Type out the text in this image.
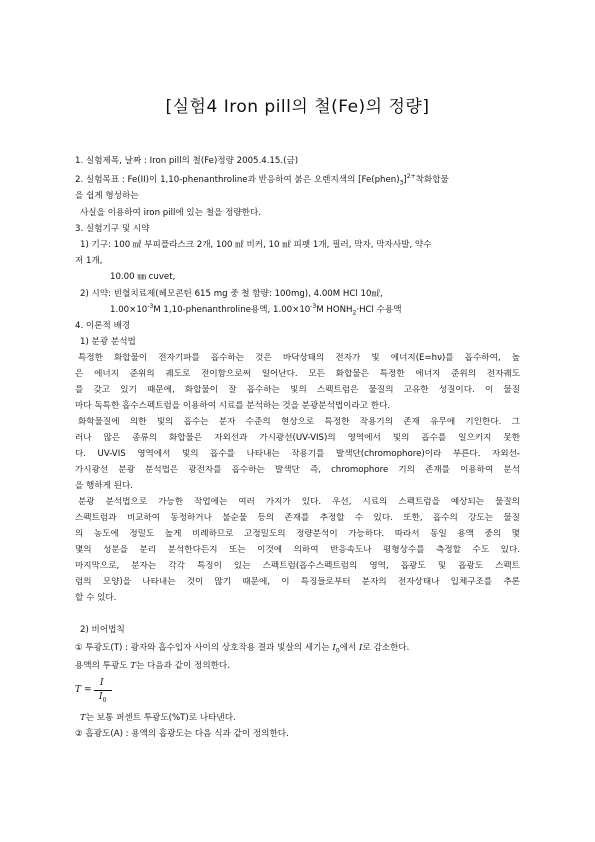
[실험4 Iron pill의 철(Fe)의 정량]
1. 실험제목, 날짜 : Iron pill의 철(Fe)정량 2005.4.15.(금)
2. 실험목표 : Fe(II)이 1,10-phenanthroline과 반응하여 붉은 오렌지색의 $[Fe(phen)_3]^{2+}$착화합물
을 쉽게 형성하는
사실을 이용하여 iron pill에 있는 철을 정량한다.
3. 실험기구 및 시약
1) 기구: 100 ㎖ 부피플라스크 2개, 100 ㎖ 비커, 10 ㎖ 피펫 1개, 필러, 막자, 막자사발, 약수
저 1개,
10.00 ㎜ cuvet,
2) 시약: 빈혈치료제(헤모콘틴 615 mg 중 철 함량: 100mg), 4.00M HCl 10㎖,
$1.00\times 10^{-3}M$ 1,10-phenanthroline용액, $1.00\times 10^{-3}M$ $HONH_2\cdot HCl$ 수용액
4. 이론적 배경
1) 분광 분석법
특정한 화합물이 전자기파를 흡수하는 것은 바닥상태의 전자가 빛 에너지(E=hν)를 흡수하여, 높
은 에너지 준위의 궤도로 전이함으로써 일어난다. 모든 화합물은 특정한 에너지 준위의 전자궤도
를 갖고 있기 때문에, 화합물이 잘 흡수하는 빛의 스펙트럼은 물질의 고유한 성질이다. 이 물질
마다 독특한 흡수스펙트럼을 이용하여 시료를 분석하는 것을 분광분석법이라고 한다.
화학물질에 의한 빛의 흡수는 분자 수준의 현상으로 특정한 작용기의 존재 유무에 기인한다. 그
러나 많은 종류의 화합물은 자외선과 가시광선(UV-VIS)의 영역에서 빛의 흡수를 일으키지 못한
다. UV-VIS 영역에서 빛의 흡수를 나타내는 작용기를 발색단(chromophore)이라 부른다. 자외선-
가시광선 분광 분석법은 광전자를 흡수하는 발색단 즉, chromophore 기의 존재를 이용하여 분석
을 행하게 된다.
분광 분석법으로 가능한 작업에는 여러 가지가 있다. 우선, 시료의 스펙트럼을 예상되는 물질의
스펙트럼과 비교하여 동정하거나 불순물 등의 존재를 추정할 수 있다. 또한, 흡수의 강도는 물질
의 농도에 정밀도 높게 비례하므로 고정밀도의 정량분석이 가능하다. 따라서 동일 용액 중의 몇
몇의 성분을 분리 분석한다든지 또는 이것에 의하여 반응속도나 평형상수를 측정할 수도 있다.
마지막으로, 분자는 각각 특징이 있는 스펙트럼(흡수스펙트럼의 영역, 흡광도 및 흡광도 스펙트
럼의 모양)을 나타내는 것이 많기 때문에, 이 특징들로부터 분자의 전자상태나 입체구조를 추론
할 수 있다.
2) 비어법칙
① 투광도(T) : 광자와 흡수입자 사이의 상호작용 결과 빛살의 세기는 $I_0$에서 I로 감소한다.
용액의 투광도 T는 다음과 같이 정의한다.
T =
I
$I_0$
T는 보통 퍼센트 투광도(%T)로 나타낸다.
② 흡광도(A) : 용액의 흡광도는 다음 식과 같이 정의한다.
